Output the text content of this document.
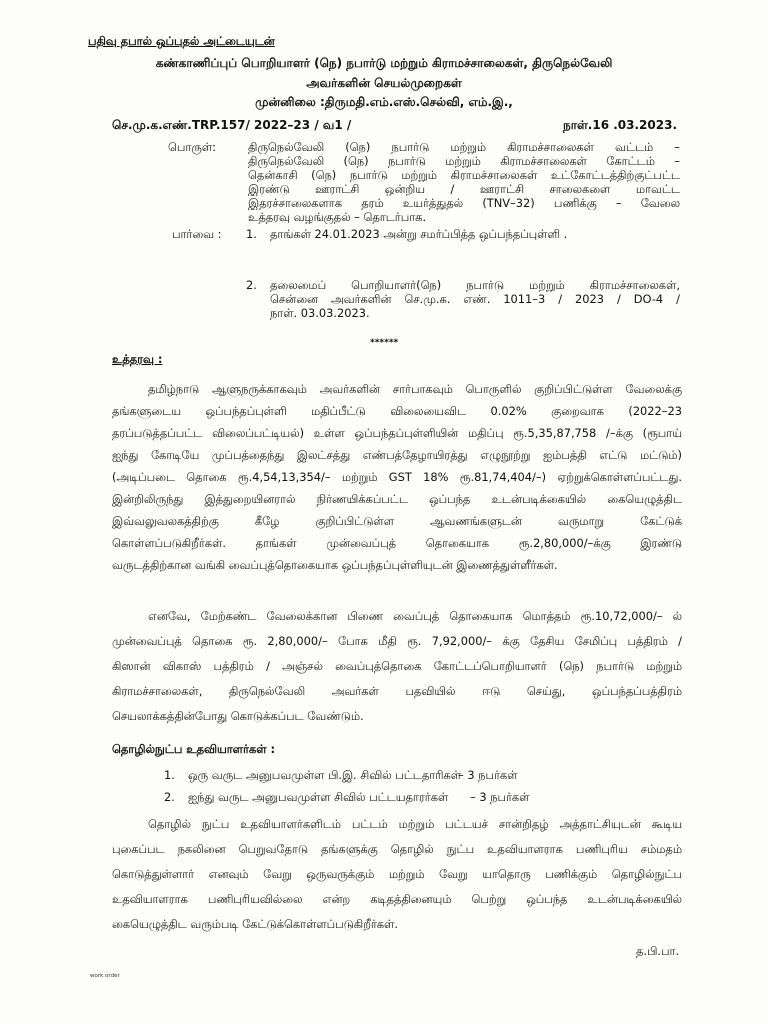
பதிவு தபால் ஒப்புதல் அட்டையுடன்
கண்காணிப்புப் பொறியாளர் (நெ) நபார்டு மற்றும் கிராமச்சாலைகள், திருநெல்வேலி
அவர்களின் செயல்முறைகள்
முன்னிலை :திருமதி.எம்.எஸ்.செல்வி, எம்.இ.,
செ.மு.க.எண்.TRP.157/ 2022–23 / வ1 /	நாள்.16 .03.2023.
பொருள்:	திருநெல்வேலி (நெ) நபார்டு மற்றும் கிராமச்சாலைகள் வட்டம் –
திருநெல்வேலி (நெ) நபார்டு மற்றும் கிராமச்சாலைகள் கோட்டம் –
தென்காசி (நெ) நபார்டு மற்றும் கிராமச்சாலைகள் உட்கோட்டத்திற்குட்பட்ட
இரண்டு ஊராட்சி ஒன்றிய / ஊராட்சி சாலைகளை மாவட்ட
இதரச்சாலைகளாக தரம் உயர்த்துதல் (TNV–32) பணிக்கு – வேலை
உத்தரவு வழங்குதல் – தொடர்பாக.
பார்வை : 1. தாங்கள் 24.01.2023 அன்று சமர்ப்பித்த ஒப்பந்தப்புள்ளி .
2. தலைமைப் பொறியாளர்(நெ) நபார்டு மற்றும் கிராமச்சாலைகள்,
சென்னை அவர்களின் செ.மு.க. எண். 1011–3 / 2023 / DO-4 /
நாள். 03.03.2023.
******
உத்தரவு :
தமிழ்நாடு ஆளுநருக்காகவும் அவர்களின் சார்பாகவும் பொருளில் குறிப்பிட்டுள்ள வேலைக்கு
தங்களுடைய ஒப்பந்தப்புள்ளி மதிப்பீட்டு விலையைவிட 0.02% குறைவாக (2022–23
தரப்படுத்தப்பட்ட விலைப்பட்டியல்) உள்ள ஒப்பந்தப்புள்ளியின் மதிப்பு ரூ.5,35,87,758 /–க்கு (ரூபாய்
ஐந்து கோடியே முப்பத்தைந்து இலட்சத்து எண்பத்தேழாயிரத்து எழுநூற்று ஐம்பத்தி எட்டு மட்டும்)
(அடிப்படை தொகை ரூ.4,54,13,354/– மற்றும் GST 18% ரூ.81,74,404/–) ஏற்றுக்கொள்ளப்பட்டது.
இன்றிலிருந்து இத்துறையினரால் நிர்ணயிக்கப்பட்ட ஒப்பந்த உடன்படிக்கையில் கையெழுத்திட
இவ்வலுவலகத்திற்கு கீழே குறிப்பிட்டுள்ள ஆவணங்களுடன் வருமாறு கேட்டுக்
கொள்ளப்படுகிறீர்கள். தாங்கள் முன்வைப்புத் தொகையாக ரூ.2,80,000/–க்கு இரண்டு
வருடத்திற்கான வங்கி வைப்புத்தொகையாக ஒப்பந்தப்புள்ளியுடன் இணைத்துள்ளீர்கள்.
எனவே, மேற்கண்ட வேலைக்கான பிணை வைப்புத் தொகையாக மொத்தம் ரூ.10,72,000/– ல்
முன்வைப்புத் தொகை ரூ. 2,80,000/– போக மீதி ரூ. 7,92,000/– க்கு தேசிய சேமிப்பு பத்திரம் /
கிஸான் விகாஸ் பத்திரம் / அஞ்சல் வைப்புத்தொகை கோட்டப்பொறியாளர் (நெ) நபார்டு மற்றும்
கிராமச்சாலைகள், திருநெல்வேலி அவர்கள் பதவியில் ஈடு செய்து, ஒப்பந்தப்பத்திரம்
செயலாக்கத்தின்போது கொடுக்கப்பட வேண்டும்.
தொழில்நுட்ப உதவியாளர்கள் :
1. ஒரு வருட அனுபவமுள்ள பி.இ. சிவில் பட்டதாரிகள்
– 3 நபர்கள்
2. ஐந்து வருட அனுபவமுள்ள சிவில் பட்டயதாரர்கள் – 3 நபர்கள்
தொழில் நுட்ப உதவியாளர்களிடம் பட்டம் மற்றும் பட்டயச் சான்றிதழ் அத்தாட்சியுடன் கூடிய
புகைப்பட நகலினை பெறுவதோடு தங்களுக்கு தொழில் நுட்ப உதவியாளராக பணிபுரிய சம்மதம்
கொடுத்துள்ளார் எனவும் வேறு ஒருவருக்கும் மற்றும் வேறு யாதொரு பணிக்கும் தொழில்நுட்ப
உதவியாளராக பணிபுரியவில்லை என்ற கடிதத்தினையும் பெற்று ஒப்பந்த உடன்படிக்கையில்
கையெழுத்திட வரும்படி கேட்டுக்கொள்ளப்படுகிறீர்கள்.
த.பி.பா.
work order
